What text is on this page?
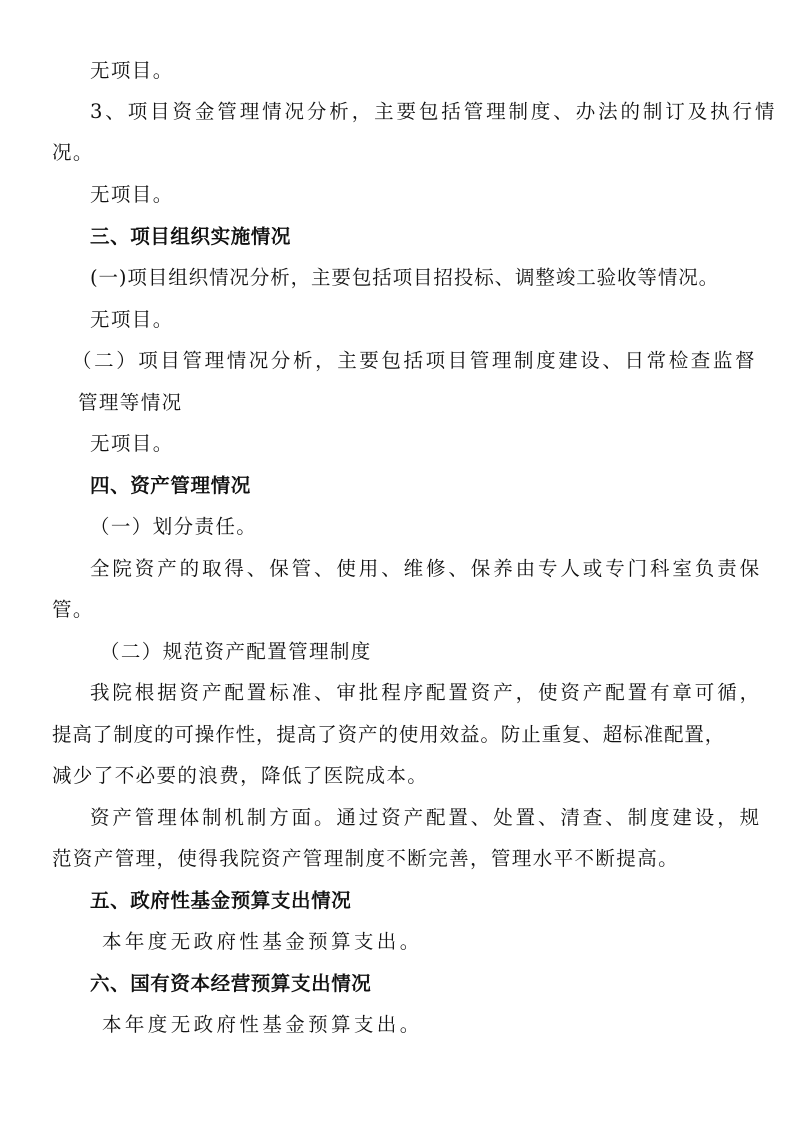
无项目。
3、项目资金管理情况分析，主要包括管理制度、办法的制订及执行情
况。
无项目。
三、项目组织实施情况
(一)项目组织情况分析，主要包括项目招投标、调整竣工验收等情况。
无项目。
（二）项目管理情况分析，主要包括项目管理制度建设、日常检查监督
管理等情况
无项目。
四、资产管理情况
（一）划分责任。
全院资产的取得、保管、使用、维修、保养由专人或专门科室负责保
管。
（二）规范资产配置管理制度
我院根据资产配置标准、审批程序配置资产，使资产配置有章可循，
提高了制度的可操作性，提高了资产的使用效益。防止重复、超标准配置，
减少了不必要的浪费，降低了医院成本。
资产管理体制机制方面。通过资产配置、处置、清查、制度建设，规
范资产管理，使得我院资产管理制度不断完善，管理水平不断提高。
五、政府性基金预算支出情况
本年度无政府性基金预算支出。
六、国有资本经营预算支出情况
本年度无政府性基金预算支出。
